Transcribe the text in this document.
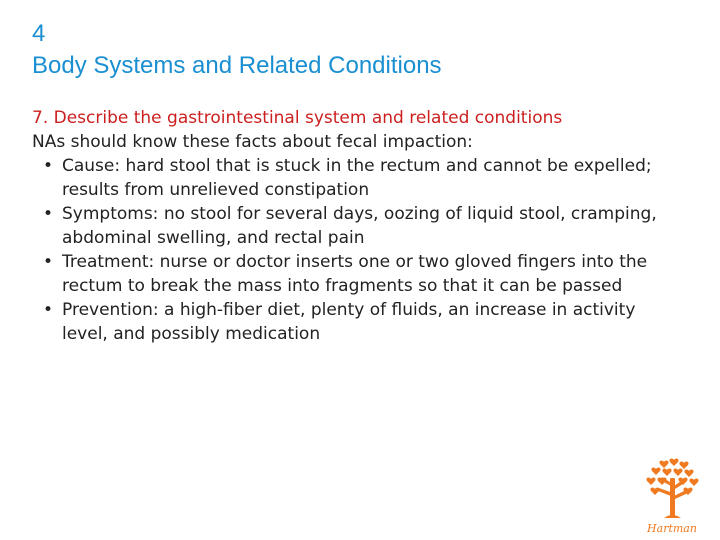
4
Body Systems and Related Conditions
7. Describe the gastrointestinal system and related conditions
NAs should know these facts about fecal impaction:
• Cause: hard stool that is stuck in the rectum and cannot be expelled; results from unrelieved constipation
• Symptoms: no stool for several days, oozing of liquid stool, cramping, abdominal swelling, and rectal pain
• Treatment: nurse or doctor inserts one or two gloved fingers into the rectum to break the mass into fragments so that it can be passed
• Prevention: a high-fiber diet, plenty of fluids, an increase in activity level, and possibly medication
Hartman
